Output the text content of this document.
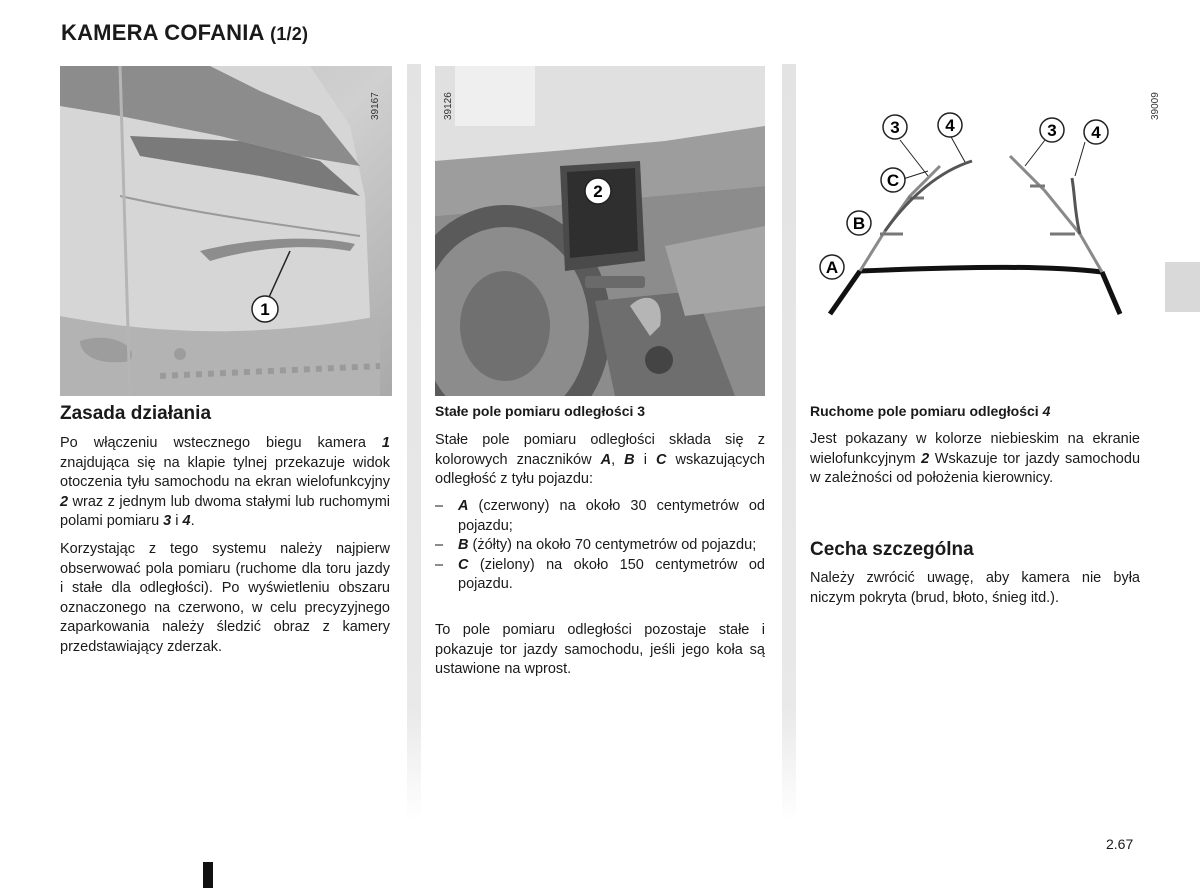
KAMERA COFANIA (1/2)
1
39167
2
39126
3	4	3 4
C
B
A
39009
Zasada działania
Po włączeniu wstecznego biegu kamera 1 znajdująca się na klapie tylnej przekazuje widok otoczenia tyłu samochodu na ekran wielofunkcyjny 2 wraz z jednym lub dwoma stałymi lub ruchomymi polami pomiaru 3 i 4.
Korzystając z tego systemu należy najpierw obserwować pola pomiaru (ruchome dla toru jazdy i stałe dla odległości). Po wyświetleniu obszaru oznaczonego na czerwono, w celu precyzyjnego zaparkowania należy śledzić obraz z kamery przedstawiający zderzak.
Stałe pole pomiaru odległości 3
Stałe pole pomiaru odległości składa się z kolorowych znaczników A, B i C wskazujących odległość z tyłu pojazdu:
– A (czerwony) na około 30 centymetrów od pojazdu;
– B (żółty) na około 70 centymetrów od pojazdu;
– C (zielony) na około 150 centymetrów od pojazdu.
To pole pomiaru odległości pozostaje stałe i pokazuje tor jazdy samochodu, jeśli jego koła są ustawione na wprost.
Ruchome pole pomiaru odległości 4
Jest pokazany w kolorze niebieskim na ekranie wielofunkcyjnym 2 Wskazuje tor jazdy samochodu w zależności od położenia kierownicy.
Cecha szczególna
Należy zwrócić uwagę, aby kamera nie była niczym pokryta (brud, błoto, śnieg itd.).
2.67
